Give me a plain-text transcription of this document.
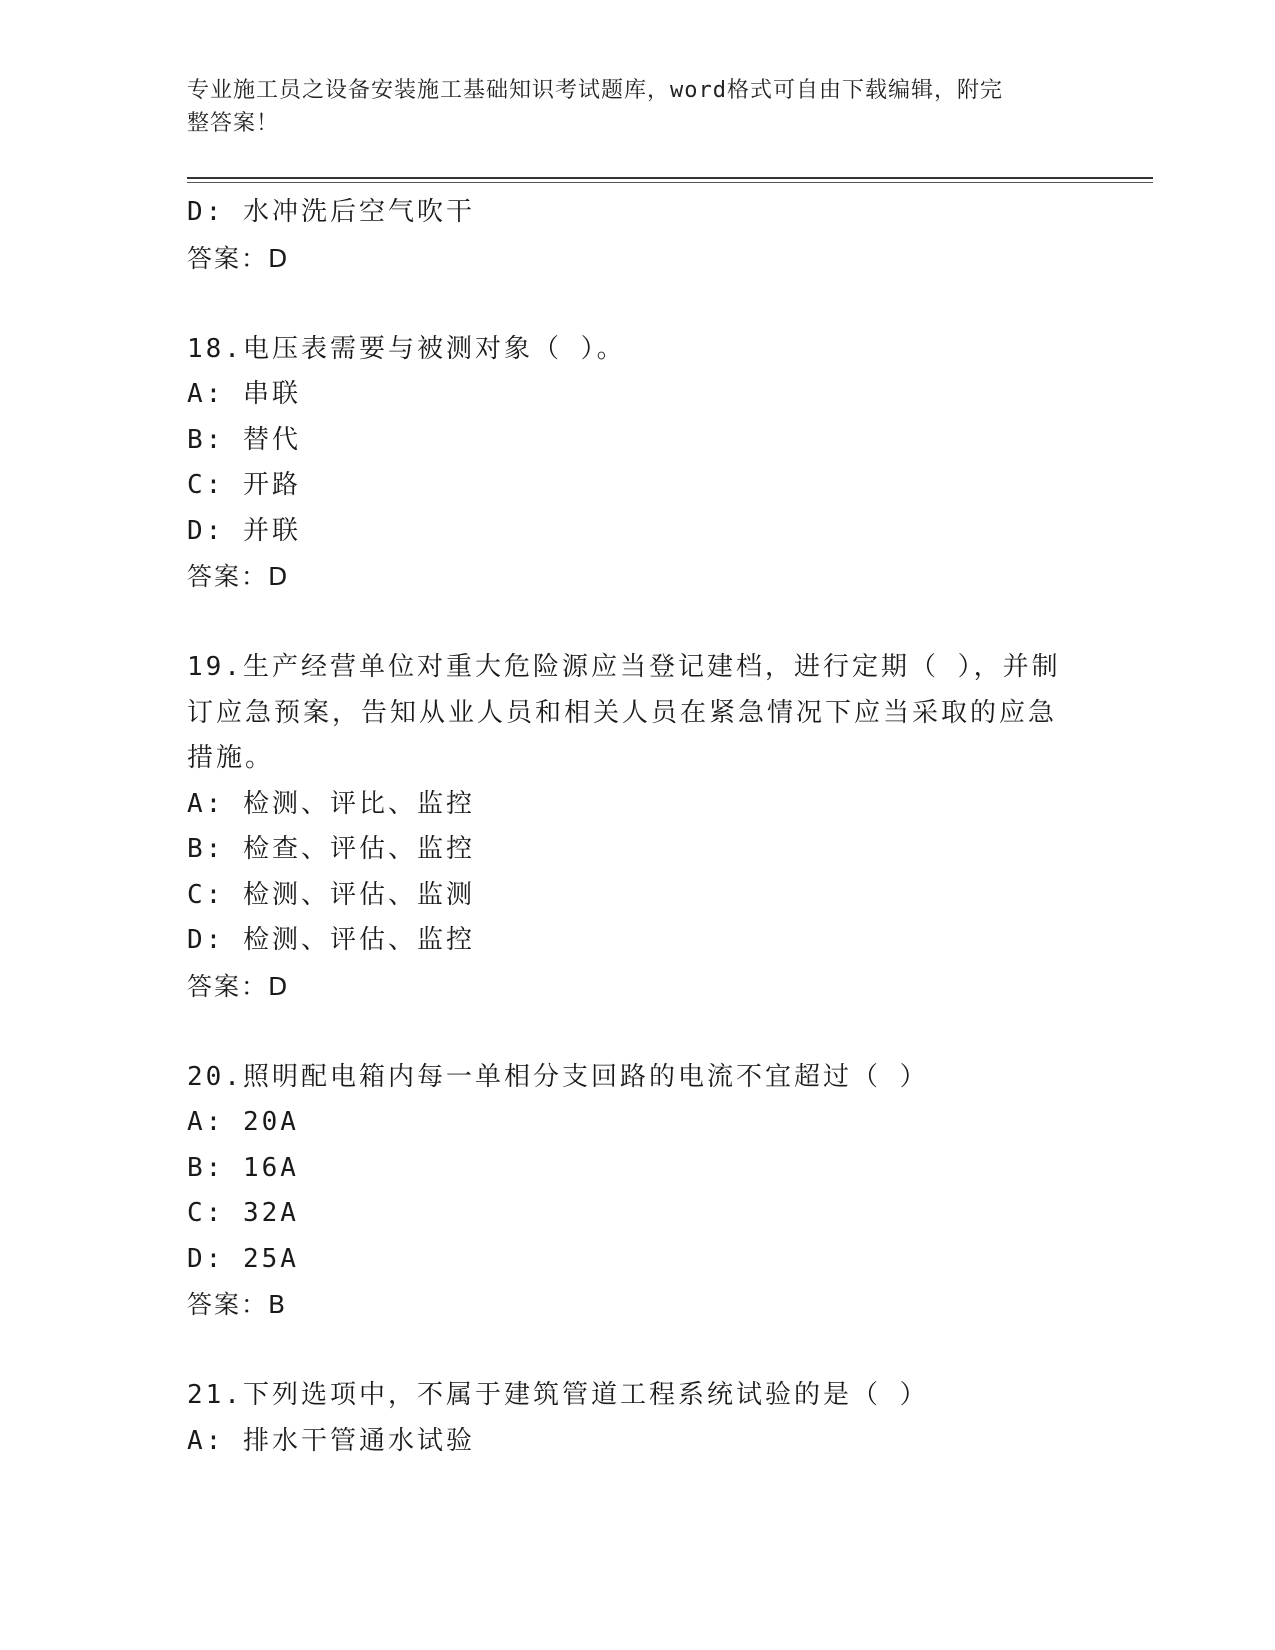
专业施工员之设备安装施工基础知识考试题库，word格式可自由下载编辑，附完
整答案！
D: 水冲洗后空气吹干
答案：D
18.电压表需要与被测对象（ ）。
A: 串联
B: 替代
C: 开路
D: 并联
答案：D
19.生产经营单位对重大危险源应当登记建档，进行定期（ ），并制
订应急预案，告知从业人员和相关人员在紧急情况下应当采取的应急
措施。
A: 检测、评比、监控
B: 检查、评估、监控
C: 检测、评估、监测
D: 检测、评估、监控
答案：D
20.照明配电箱内每一单相分支回路的电流不宜超过（ ）
A: 20A
B: 16A
C: 32A
D: 25A
答案：B
21.下列选项中，不属于建筑管道工程系统试验的是（ ）
A: 排水干管通水试验
